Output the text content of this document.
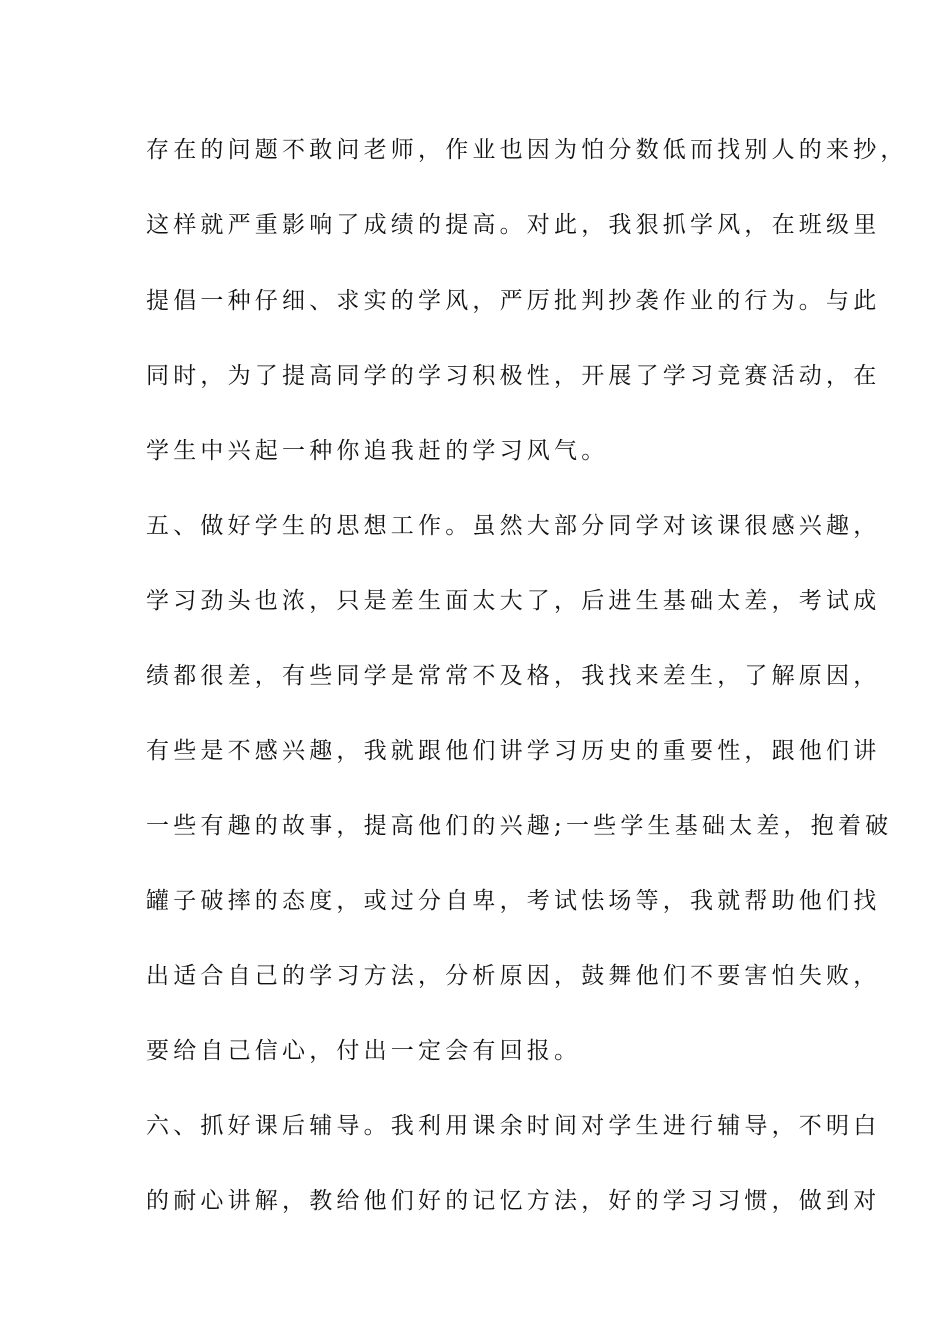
存在的问题不敢问老师，作业也因为怕分数低而找别人的来抄，
这样就严重影响了成绩的提高。对此，我狠抓学风，在班级里
提倡一种仔细、求实的学风，严厉批判抄袭作业的行为。与此
同时，为了提高同学的学习积极性，开展了学习竞赛活动，在
学生中兴起一种你追我赶的学习风气。
五、做好学生的思想工作。虽然大部分同学对该课很感兴趣，
学习劲头也浓，只是差生面太大了，后进生基础太差，考试成
绩都很差，有些同学是常常不及格，我找来差生，了解原因，
有些是不感兴趣，我就跟他们讲学习历史的重要性，跟他们讲
一些有趣的故事，提高他们的兴趣;一些学生基础太差，抱着破
罐子破摔的态度，或过分自卑，考试怯场等，我就帮助他们找
出适合自己的学习方法，分析原因，鼓舞他们不要害怕失败，
要给自己信心，付出一定会有回报。
六、抓好课后辅导。我利用课余时间对学生进行辅导，不明白
的耐心讲解，教给他们好的记忆方法，好的学习习惯，做到对
